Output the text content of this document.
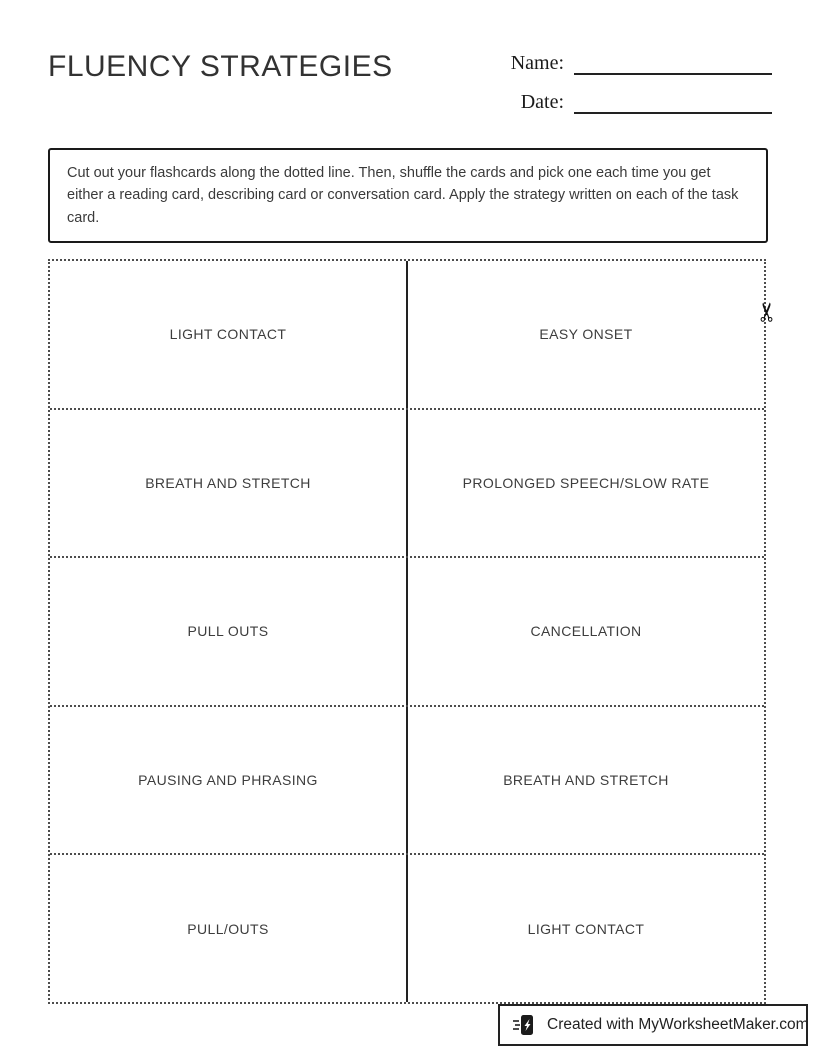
FLUENCY STRATEGIES	Name:
Date:

Cut out your flashcards along the dotted line. Then, shuffle the cards and pick one each time you get either a reading card, describing card or conversation card. Apply the strategy written on each of the task card.

LIGHT CONTACT	EASY ONSET
BREATH AND STRETCH	PROLONGED SPEECH/SLOW RATE
PULL OUTS	CANCELLATION
PAUSING AND PHRASING	BREATH AND STRETCH
PULL/OUTS	LIGHT CONTACT
✂
Created with MyWorksheetMaker.com
